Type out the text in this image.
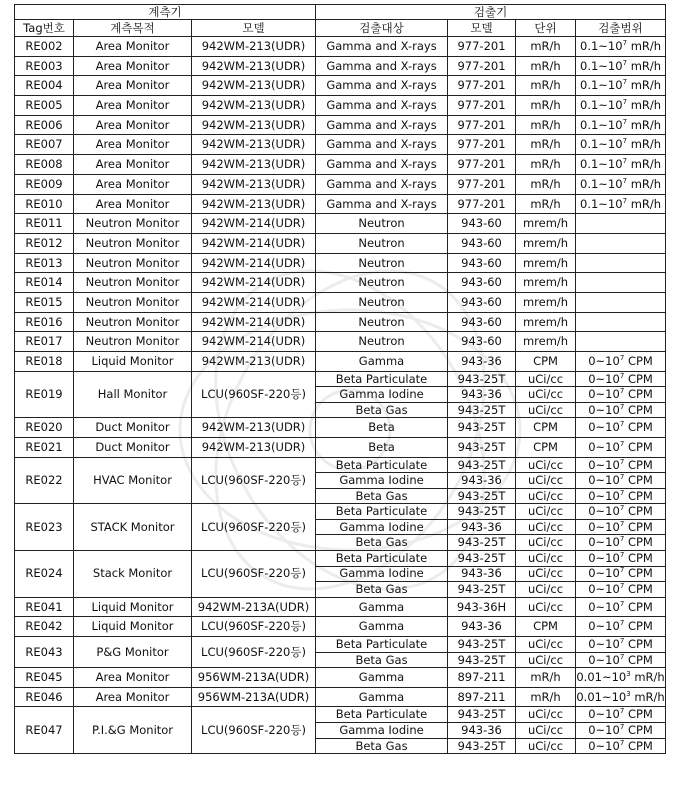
계측기			검출기			
Tag번호	계측목적	모델	검출대상	모델	단위	검출범위
RE002	Area Monitor	942WM-213(UDR)	Gamma and X-rays	977-201	mR/h	$0.1\sim 10^7$ mR/h
RE003	Area Monitor	942WM-213(UDR)	Gamma and X-rays	977-201	mR/h	$0.1\sim 10^7$ mR/h
RE004	Area Monitor	942WM-213(UDR)	Gamma and X-rays	977-201	mR/h	$0.1\sim 10^7$ mR/h
RE005	Area Monitor	942WM-213(UDR)	Gamma and X-rays	977-201	mR/h	$0.1\sim 10^7$ mR/h
RE006	Area Monitor	942WM-213(UDR)	Gamma and X-rays	977-201	mR/h	$0.1\sim 10^7$ mR/h
RE007	Area Monitor	942WM-213(UDR)	Gamma and X-rays	977-201	mR/h	$0.1\sim 10^7$ mR/h
RE008	Area Monitor	942WM-213(UDR)	Gamma and X-rays	977-201	mR/h	$0.1\sim 10^7$ mR/h
RE009	Area Monitor	942WM-213(UDR)	Gamma and X-rays	977-201	mR/h	$0.1\sim 10^7$ mR/h
RE010	Area Monitor	942WM-213(UDR)	Gamma and X-rays	977-201	mR/h	$0.1\sim 10^7$ mR/h
RE011	Neutron Monitor	942WM-214(UDR)	Neutron	943-60	mrem/h	
RE012	Neutron Monitor	942WM-214(UDR)	Neutron	943-60	mrem/h	
RE013	Neutron Monitor	942WM-214(UDR)	Neutron	943-60	mrem/h	
RE014	Neutron Monitor	942WM-214(UDR)	Neutron	943-60	mrem/h	
RE015	Neutron Monitor	942WM-214(UDR)	Neutron	943-60	mrem/h	
RE016	Neutron Monitor	942WM-214(UDR)	Neutron	943-60	mrem/h	
RE017	Neutron Monitor	942WM-214(UDR)	Neutron	943-60	mrem/h	
RE018	Liquid Monitor	942WM-213(UDR)	Gamma	943-36	CPM	$0\sim 10^7$ CPM
RE019	Hall Monitor	LCU(960SF-220등)	Beta Particulate	943-25T	uCi/cc	$0\sim 10^7$ CPM
			Gamma Iodine	943-36	uCi/cc	$0\sim 10^7$ CPM
			Beta Gas	943-25T	uCi/cc	$0\sim 10^7$ CPM
RE020	Duct Monitor	942WM-213(UDR)	Beta	943-25T	CPM	$0\sim 10^7$ CPM
RE021	Duct Monitor	942WM-213(UDR)	Beta	943-25T	CPM	$0\sim 10^7$ CPM
RE022	HVAC Monitor	LCU(960SF-220등)	Beta Particulate	943-25T	uCi/cc	$0\sim 10^7$ CPM
			Gamma Iodine	943-36	uCi/cc	$0\sim 10^7$ CPM
			Beta Gas	943-25T	uCi/cc	$0\sim 10^7$ CPM
RE023	STACK Monitor	LCU(960SF-220등)	Beta Particulate	943-25T	uCi/cc	$0\sim 10^7$ CPM
			Gamma Iodine	943-36	uCi/cc	$0\sim 10^7$ CPM
			Beta Gas	943-25T	uCi/cc	$0\sim 10^7$ CPM
RE024	Stack Monitor	LCU(960SF-220등)	Beta Particulate	943-25T	uCi/cc	$0\sim 10^7$ CPM
			Gamma Iodine	943-36	uCi/cc	$0\sim 10^7$ CPM
			Beta Gas	943-25T	uCi/cc	$0\sim 10^7$ CPM
RE041	Liquid Monitor	942WM-213A(UDR)	Gamma	943-36H	uCi/cc	$0\sim 10^7$ CPM
RE042	Liquid Monitor	LCU(960SF-220등)	Gamma	943-36	CPM	$0\sim 10^7$ CPM
RE043	P&G Monitor	LCU(960SF-220등)	Beta Particulate	943-25T	uCi/cc	$0\sim 10^7$ CPM
			Beta Gas	943-25T	uCi/cc	$0\sim 10^7$ CPM
RE045	Area Monitor	956WM-213A(UDR)	Gamma	897-211	mR/h	$0.01\sim 10^3$ mR/h
RE046	Area Monitor	956WM-213A(UDR)	Gamma	897-211	mR/h	$0.01\sim 10^3$ mR/h
RE047	P.I.&G Monitor	LCU(960SF-220등)	Beta Particulate	943-25T	uCi/cc	$0\sim 10^7$ CPM
			Gamma Iodine	943-36	uCi/cc	$0\sim 10^7$ CPM
			Beta Gas	943-25T	uCi/cc	$0\sim 10^7$ CPM
